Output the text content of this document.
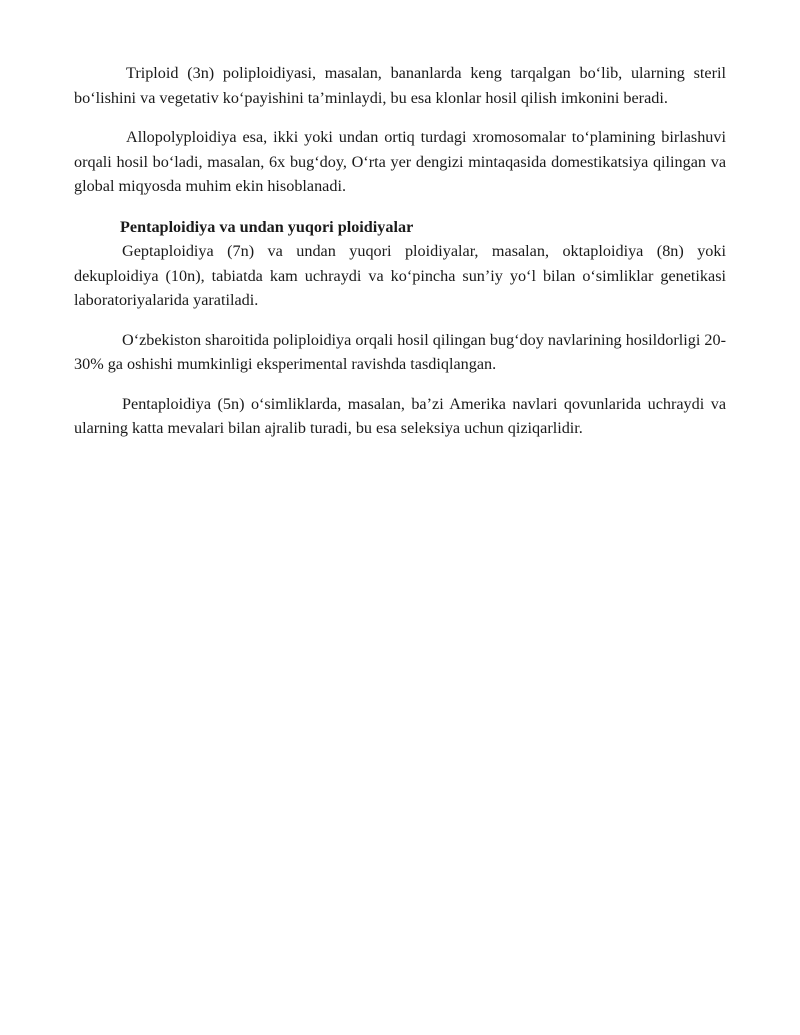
Triploid (3n) poliploidiyasi, masalan, bananlarda keng tarqalgan bo‘lib, ularning steril bo‘lishini va vegetativ ko‘payishini ta’minlaydi, bu esa klonlar hosil qilish imkonini beradi.

Allopolyploidiya esa, ikki yoki undan ortiq turdagi xromosomalar to‘plamining birlashuvi orqali hosil bo‘ladi, masalan, 6x bug‘doy, O‘rta yer dengizi mintaqasida domestikatsiya qilingan va global miqyosda muhim ekin hisoblanadi.

Pentaploidiya va undan yuqori ploidiyalar

Geptaploidiya (7n) va undan yuqori ploidiyalar, masalan, oktaploidiya (8n) yoki dekuploidiya (10n), tabiatda kam uchraydi va ko‘pincha sun’iy yo‘l bilan o‘simliklar genetikasi laboratoriyalarida yaratiladi.

O‘zbekiston sharoitida poliploidiya orqali hosil qilingan bug‘doy navlarining hosildorligi 20-30% ga oshishi mumkinligi eksperimental ravishda tasdiqlangan.

Pentaploidiya (5n) o‘simliklarda, masalan, ba’zi Amerika navlari qovunlarida uchraydi va ularning katta mevalari bilan ajralib turadi, bu esa seleksiya uchun qiziqarlidir.
